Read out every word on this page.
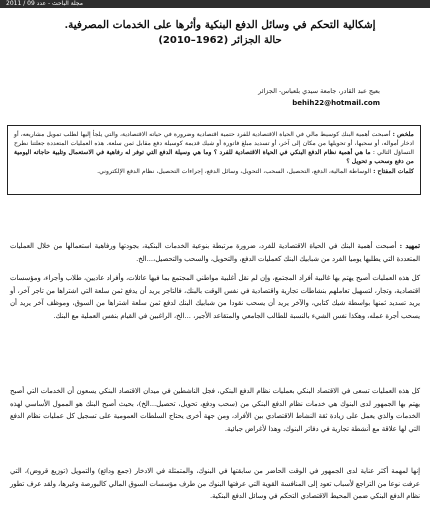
مجلة الباحث - عدد 09 / 2011
إشكالية التحكم في وسائل الدفع البنكية وأثرها على الخدمات المصرفية.
حالة الجزائر (1962–2010)
بعيج عبد القادر، جامعة سيدي بلعباس- الجزائر
behih22@hotmail.com
ملخص : أصبحت أهمية البنك كوسيط مالي في الحياة الاقتصادية للفرد حتمية اقتصادية وضرورة في حياته الاقتصادية، والتي يلجأ إليها لطلب تمويل مشاريعه، أو ادخار أمواله، أو سحبها، أو تحويلها من مكان إلى آخر، أو تسديد مبلغ فاتورة أو شيك قديمة كوسيلة دفع مقابل ثمن سلعة. هذه العمليات المتعددة جعلتنا نطرح التساؤل التالي : ما هي أهمية نظام الدفع البنكي في الحياة الاقتصادية للفرد ؟ وما هي وسيلة الدفع التي توفر له رفاهية في الاستعمال وتلبية حاجاته اليومية من دفع وسحب و تحويل ؟
كلمات المفتاح : الوساطة المالية، الدفع، التحصيل، السحب، التحويل، وسائل الدفع، إجراءات التحصيل، نظام الدفع الإلكتروني.
تمهيد : أصبحت أهمية البنك في الحياة الاقتصادية للفرد، ضرورة مرتبطة بنوعية الخدمات البنكية، بجودتها ورفاهية استعمالها من خلال العمليات المتعددة التي يطلبها يوميا الفرد من شبابيك البنك كعمليات الدفع، والتحويل، والسحب والتحصيل،...الخ.
كل هذه العمليات أصبح يهتم بها غالبية أفراد المجتمع، وإن لم نقل أغلبية مواطني المجتمع بما فيها عائلات، وأفراد عاديين، طلاب وأجراء، ومؤسسات اقتصادية، وتجار، لتسهيل تعاملهم بنشاطات تجارية واقتصادية في نفس الوقت بالبنك، فالتاجر يريد أن يدفع ثمن سلعة التي اشتراها من تاجر آخر، أو يريد تسديد ثمنها بواسطة شيك كتابي، والآخر يريد أن يسحب نقودا من شبابيك البنك لدفع ثمن سلعة اشتراها من السوق، وموظف آخر يريد أن يسحب أجرة عمله، وهكذا نفس الشيء بالنسبة للطالب الجامعي والمتقاعد الأجير، ...الخ، الراغبين في القيام بنفس العملية مع البنك.
كل هذه العمليات تسعى في الاقتصاد البنكي بعمليات نظام الدفع البنكي، فجل الناشطين في ميدان الاقتصاد البنكي يسعون أن الخدمات التي أصبح يهتم بها الجمهور لدى البنوك هي خدمات نظام الدفع البنكي من (سحب ودفع، تحويل، تحصيل...الخ)، بحيث أصبح البنك هو الممول الأساسي لهذه الخدمات والذي يعمل على زيادة ثقة النشاط الاقتصادي بين الأفراد، ومن جهة أخرى يحتاج السلطات العمومية على تسجيل كل عمليات نظام الدفع التي لها علاقة مع أنشطة تجارية في دفاتر البنوك، وهذا لأغراض جبائية.
إنها لمهمة أكثر عناية لدى الجمهور في الوقت الحاضر من سابقتها في البنوك، والمتمثلة في الادخار (جمع ودائع) والتمويل (توزيع قروض)، التي عرفت نوعا من التراجع لأسباب تعود إلى المنافسة القوية التي عرفتها البنوك من طرف مؤسسات السوق المالي كالبورصة وغيرها، ولقد عرف تطور نظام الدفع البنكي ضمن المحيط الاقتصادي التحكم في وسائل الدفع البنكية.
